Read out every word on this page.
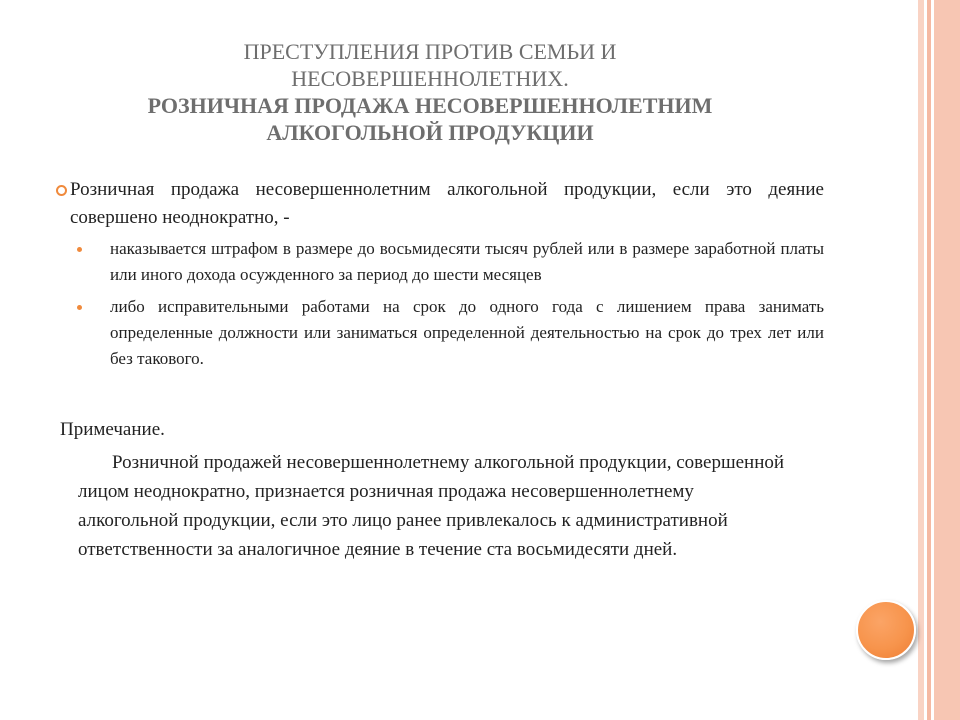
ПРЕСТУПЛЕНИЯ ПРОТИВ СЕМЬИ И
НЕСОВЕРШЕННОЛЕТНИХ.
РОЗНИЧНАЯ ПРОДАЖА НЕСОВЕРШЕННОЛЕТНИМ
АЛКОГОЛЬНОЙ ПРОДУКЦИИ
Розничная продажа несовершеннолетним алкогольной продукции, если это деяние совершено неоднократно, -
наказывается штрафом в размере до восьмидесяти тысяч рублей или в размере заработной платы или иного дохода осужденного за период до шести месяцев
либо исправительными работами на срок до одного года с лишением права занимать определенные должности или заниматься определенной деятельностью на срок до трех лет или без такового.
Примечание.
Розничной продажей несовершеннолетнему алкогольной продукции, совершенной лицом неоднократно, признается розничная продажа несовершеннолетнему алкогольной продукции, если это лицо ранее привлекалось к административной ответственности за аналогичное деяние в течение ста восьмидесяти дней.
